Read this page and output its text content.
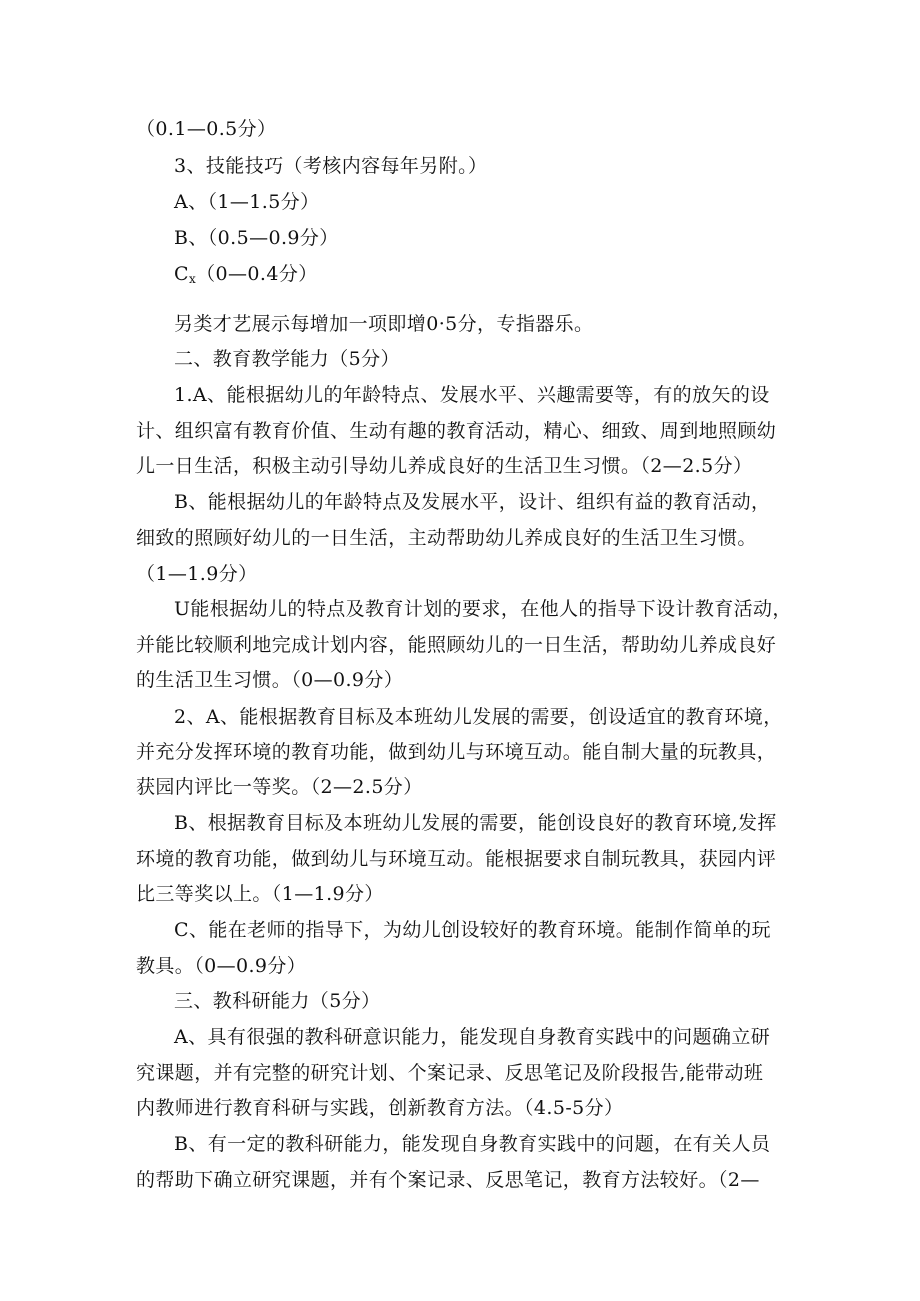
（0.1—0.5分）
3、技能技巧（考核内容每年另附。）
A、（1—1.5分）
B、（0.5—0.9分）
$C_x(0—0.4$分）
另类才艺展示每增加一项即增0·5分，专指器乐。
二、教育教学能力（5分）
1.A、能根据幼儿的年龄特点、发展水平、兴趣需要等，有的放矢的设
计、组织富有教育价值、生动有趣的教育活动，精心、细致、周到地照顾幼
儿一日生活，积极主动引导幼儿养成良好的生活卫生习惯。（2—2.5分）
B、能根据幼儿的年龄特点及发展水平，设计、组织有益的教育活动，
细致的照顾好幼儿的一日生活，主动帮助幼儿养成良好的生活卫生习惯。
（1—1.9分）
U能根据幼儿的特点及教育计划的要求，在他人的指导下设计教育活动，
并能比较顺利地完成计划内容，能照顾幼儿的一日生活，帮助幼儿养成良好
的生活卫生习惯。（0—0.9分）
2、A、能根据教育目标及本班幼儿发展的需要，创设适宜的教育环境，
并充分发挥环境的教育功能，做到幼儿与环境互动。能自制大量的玩教具，
获园内评比一等奖。（2—2.5分）
B、根据教育目标及本班幼儿发展的需要，能创设良好的教育环境,发挥
环境的教育功能，做到幼儿与环境互动。能根据要求自制玩教具，获园内评
比三等奖以上。（1—1.9分）
C、能在老师的指导下，为幼儿创设较好的教育环境。能制作简单的玩
教具。（0—0.9分）
三、教科研能力（5分）
A、具有很强的教科研意识能力，能发现自身教育实践中的问题确立研
究课题，并有完整的研究计划、个案记录、反思笔记及阶段报告,能带动班
内教师进行教育科研与实践，创新教育方法。（4.5-5分）
B、有一定的教科研能力，能发现自身教育实践中的问题，在有关人员
的帮助下确立研究课题，并有个案记录、反思笔记，教育方法较好。（2—
